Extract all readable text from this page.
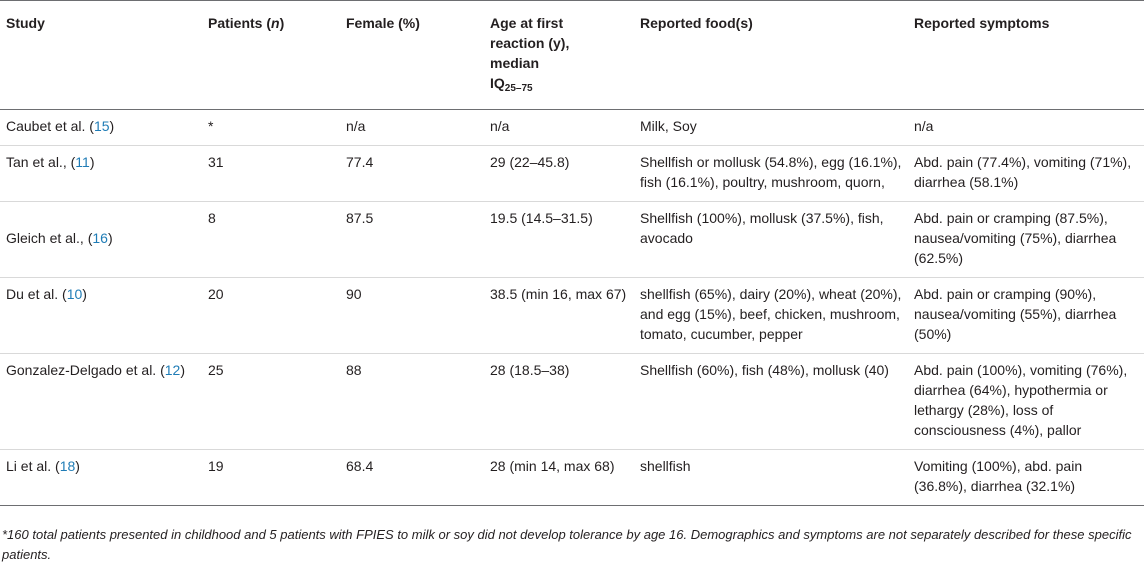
Study	Patients (n)	Female (%)	Age at first
reaction (y),
median
$IQ_{25-75}$	Reported food(s)	Reported symptoms
Caubet et al. (15)	*	n/a	n/a	Milk, Soy	n/a
Tan et al., (11)	31	77.4	29 (22–45.8)	Shellfish or mollusk (54.8%), egg (16.1%), fish (16.1%), poultry, mushroom, quorn,	Abd. pain (77.4%), vomiting (71%), diarrhea (58.1%)
Gleich et al., (16)	8	87.5	19.5 (14.5–31.5)	Shellfish (100%), mollusk (37.5%), fish, avocado	Abd. pain or cramping (87.5%), nausea/vomiting (75%), diarrhea (62.5%)
Du et al. (10)	20	90	38.5 (min 16, max 67)	shellfish (65%), dairy (20%), wheat (20%), and egg (15%), beef, chicken, mushroom, tomato, cucumber, pepper	Abd. pain or cramping (90%), nausea/vomiting (55%), diarrhea (50%)
Gonzalez-Delgado et al. (12)	25	88	28 (18.5–38)	Shellfish (60%), fish (48%), mollusk (40)	Abd. pain (100%), vomiting (76%), diarrhea (64%), hypothermia or lethargy (28%), loss of consciousness (4%), pallor
Li et al. (18)	19	68.4	28 (min 14, max 68)	shellfish	Vomiting (100%), abd. pain (36.8%), diarrhea (32.1%)
*160 total patients presented in childhood and 5 patients with FPIES to milk or soy did not develop tolerance by age 16. Demographics and symptoms are not separately described for these specific patients.
